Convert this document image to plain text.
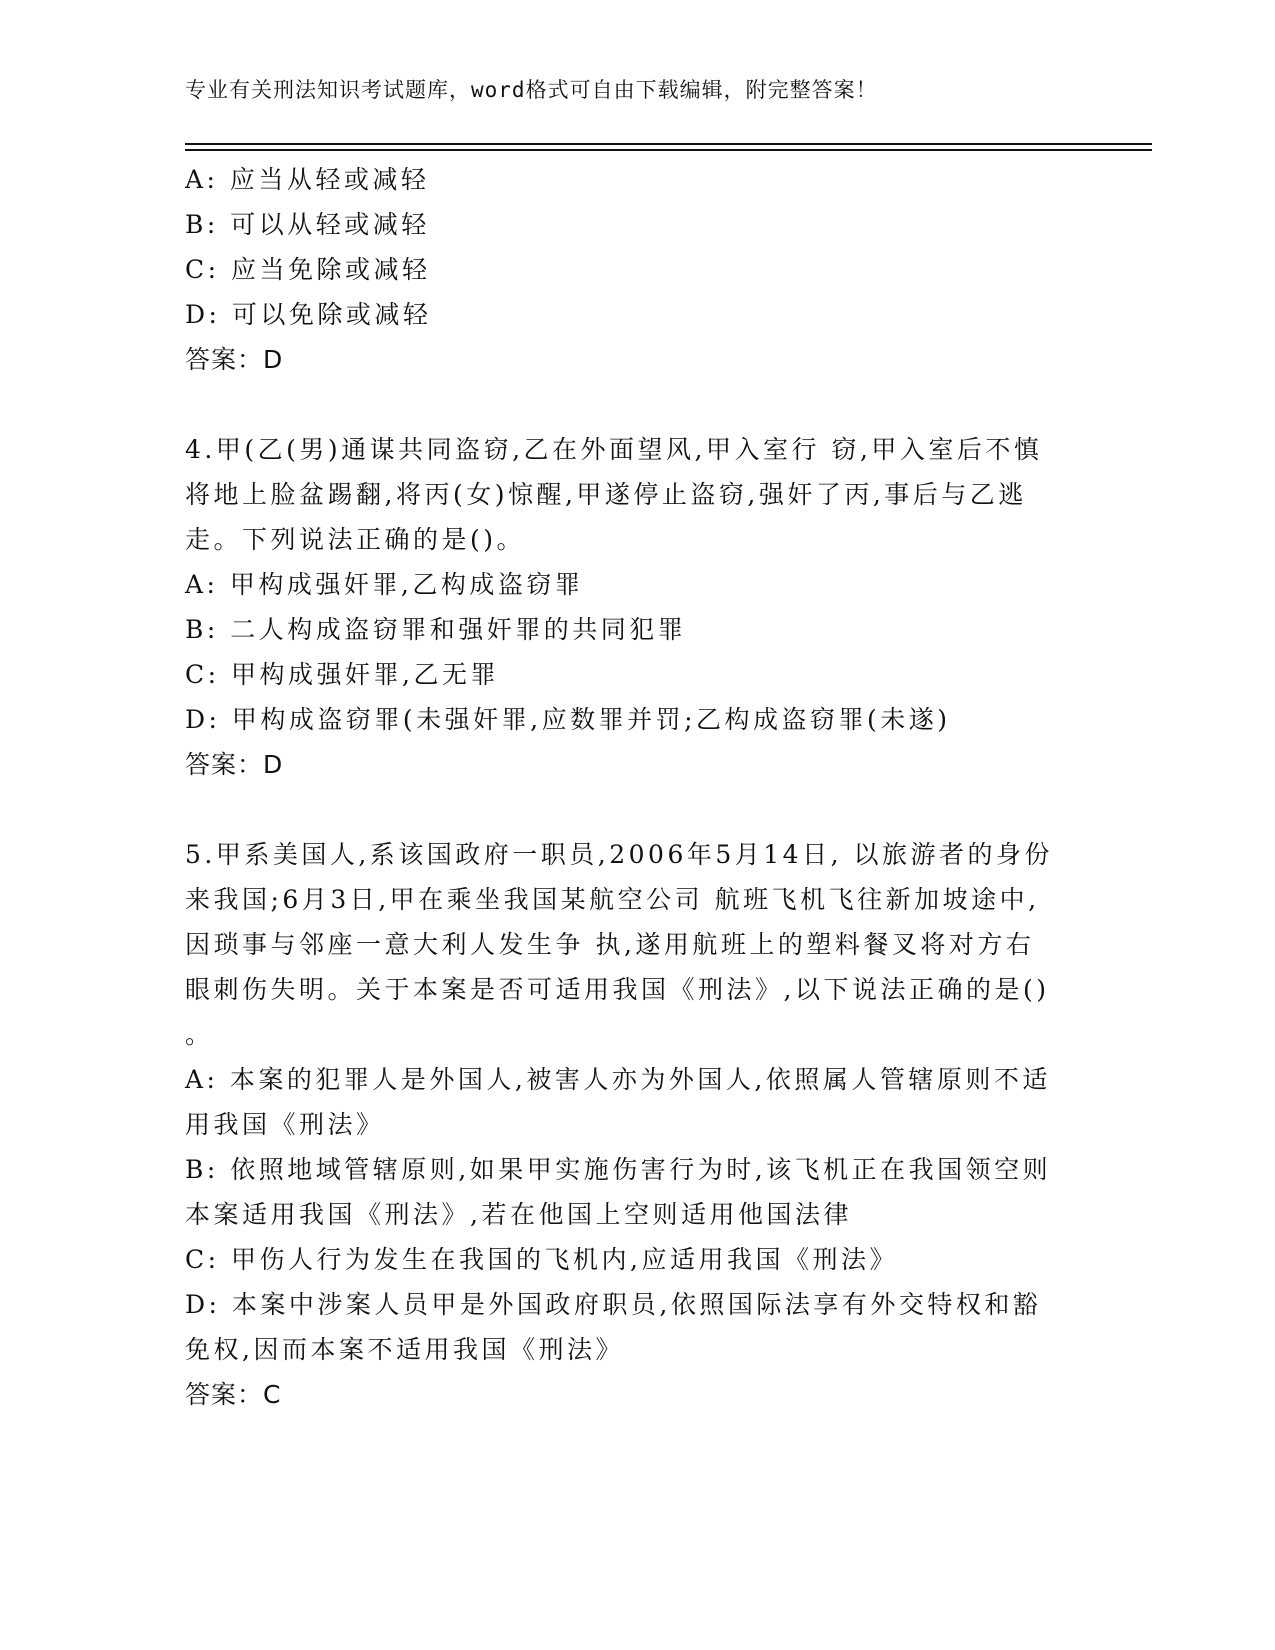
专业有关刑法知识考试题库，word格式可自由下载编辑，附完整答案！

A: 应当从轻或减轻

B: 可以从轻或减轻

C: 应当免除或减轻

D: 可以免除或减轻

答案：D

4.甲(乙(男)通谋共同盗窃,乙在外面望风,甲入室行 窃,甲入室后不慎

将地上脸盆踢翻,将丙(女)惊醒,甲遂停止盗窃,强奸了丙,事后与乙逃

走。下列说法正确的是()。

A: 甲构成强奸罪,乙构成盗窃罪

B: 二人构成盗窃罪和强奸罪的共同犯罪

C: 甲构成强奸罪,乙无罪

D: 甲构成盗窃罪(未强奸罪,应数罪并罚;乙构成盗窃罪(未遂)

答案：D

5.甲系美国人,系该国政府一职员,2006年5月14日, 以旅游者的身份

来我国;6月3日,甲在乘坐我国某航空公司 航班飞机飞往新加坡途中,

因琐事与邻座一意大利人发生争 执,遂用航班上的塑料餐叉将对方右

眼刺伤失明。关于本案是否可适用我国《刑法》,以下说法正确的是()

。

A: 本案的犯罪人是外国人,被害人亦为外国人,依照属人管辖原则不适

用我国《刑法》

B: 依照地域管辖原则,如果甲实施伤害行为时,该飞机正在我国领空则

本案适用我国《刑法》,若在他国上空则适用他国法律

C: 甲伤人行为发生在我国的飞机内,应适用我国《刑法》

D: 本案中涉案人员甲是外国政府职员,依照国际法享有外交特权和豁

免权,因而本案不适用我国《刑法》

答案：C
